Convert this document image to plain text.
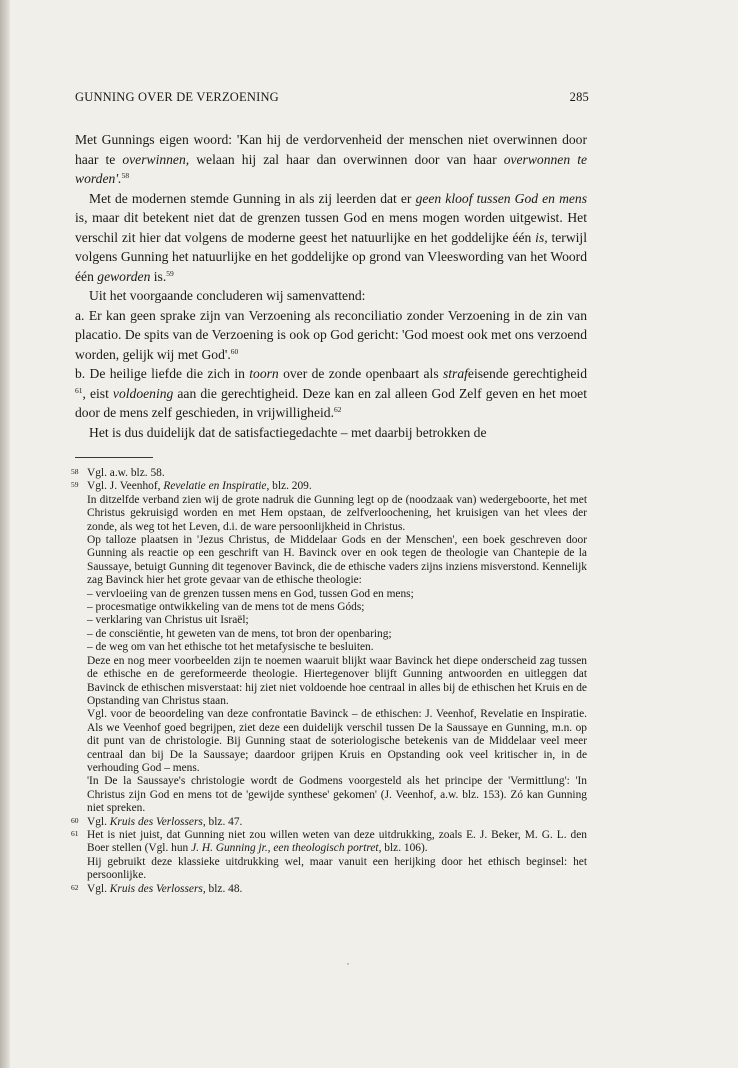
GUNNING OVER DE VERZOENING	285

Met Gunnings eigen woord: 'Kan hij de verdorvenheid der menschen niet overwinnen door haar te overwinnen, welaan hij zal haar dan overwinnen door van haar overwonnen te worden'.$^{58}$

Met de modernen stemde Gunning in als zij leerden dat er geen kloof tussen God en mens is, maar dit betekent niet dat de grenzen tussen God en mens mogen worden uitgewist. Het verschil zit hier dat volgens de moderne geest het natuurlijke en het goddelijke één is, terwijl volgens Gunning het natuurlijke en het goddelijke op grond van Vleeswording van het Woord één geworden is.$^{59}$

Uit het voorgaande concluderen wij samenvattend:

a. Er kan geen sprake zijn van Verzoening als reconciliatio zonder Verzoening in de zin van placatio. De spits van de Verzoening is ook op God gericht: 'God moest ook met ons verzoend worden, gelijk wij met God'.$^{60}$

b. De heilige liefde die zich in toorn over de zonde openbaart als strafeisende gerechtigheid $^{61}$, eist voldoening aan die gerechtigheid. Deze kan en zal alleen God Zelf geven en het moet door de mens zelf geschieden, in vrijwilligheid.$^{62}$

Het is dus duidelijk dat de satisfactiegedachte – met daarbij betrokken de

58 Vgl. a.w. blz. 58.

59 Vgl. J. Veenhof, Revelatie en Inspiratie, blz. 209.

In ditzelfde verband zien wij de grote nadruk die Gunning legt op de (noodzaak van) wedergeboorte, het met Christus gekruisigd worden en met Hem opstaan, de zelfverloochening, het kruisigen van het vlees der zonde, als weg tot het Leven, d.i. de ware persoonlijkheid in Christus.

Op talloze plaatsen in 'Jezus Christus, de Middelaar Gods en der Menschen', een boek geschreven door Gunning als reactie op een geschrift van H. Bavinck over en ook tegen de theologie van Chantepie de la Saussaye, betuigt Gunning dit tegenover Bavinck, die de ethische vaders zijns inziens misverstond. Kennelijk zag Bavinck hier het grote gevaar van de ethische theologie:

– vervloeiing van de grenzen tussen mens en God, tussen God en mens;
– procesmatige ontwikkeling van de mens tot de mens Góds;
– verklaring van Christus uit Israël;
– de consciëntie, ht geweten van de mens, tot bron der openbaring;
– de weg om van het ethische tot het metafysische te besluiten.

Deze en nog meer voorbeelden zijn te noemen waaruit blijkt waar Bavinck het diepe onderscheid zag tussen de ethische en de gereformeerde theologie. Hiertegenover blijft Gunning antwoorden en uitleggen dat Bavinck de ethischen misverstaat: hij ziet niet voldoende hoe centraal in alles bij de ethischen het Kruis en de Opstanding van Christus staan.

Vgl. voor de beoordeling van deze confrontatie Bavinck – de ethischen: J. Veenhof, Revelatie en Inspiratie. Als we Veenhof goed begrijpen, ziet deze een duidelijk verschil tussen De la Saussaye en Gunning, m.n. op dit punt van de christologie. Bij Gunning staat de soteriologische betekenis van de Middelaar veel meer centraal dan bij De la Saussaye; daardoor grijpen Kruis en Opstanding ook veel kritischer in, in de verhouding God – mens.

'In De la Saussaye's christologie wordt de Godmens voorgesteld als het principe der 'Vermittlung': 'In Christus zijn God en mens tot de 'gewijde synthese' gekomen' (J. Veenhof, a.w. blz. 153). Zó kan Gunning niet spreken.

60 Vgl. Kruis des Verlossers, blz. 47.

61 Het is niet juist, dat Gunning niet zou willen weten van deze uitdrukking, zoals E. J. Beker, M. G. L. den Boer stellen (Vgl. hun J. H. Gunning jr., een theologisch portret, blz. 106).

Hij gebruikt deze klassieke uitdrukking wel, maar vanuit een herijking door het ethisch beginsel: het persoonlijke.

62 Vgl. Kruis des Verlossers, blz. 48.

,
